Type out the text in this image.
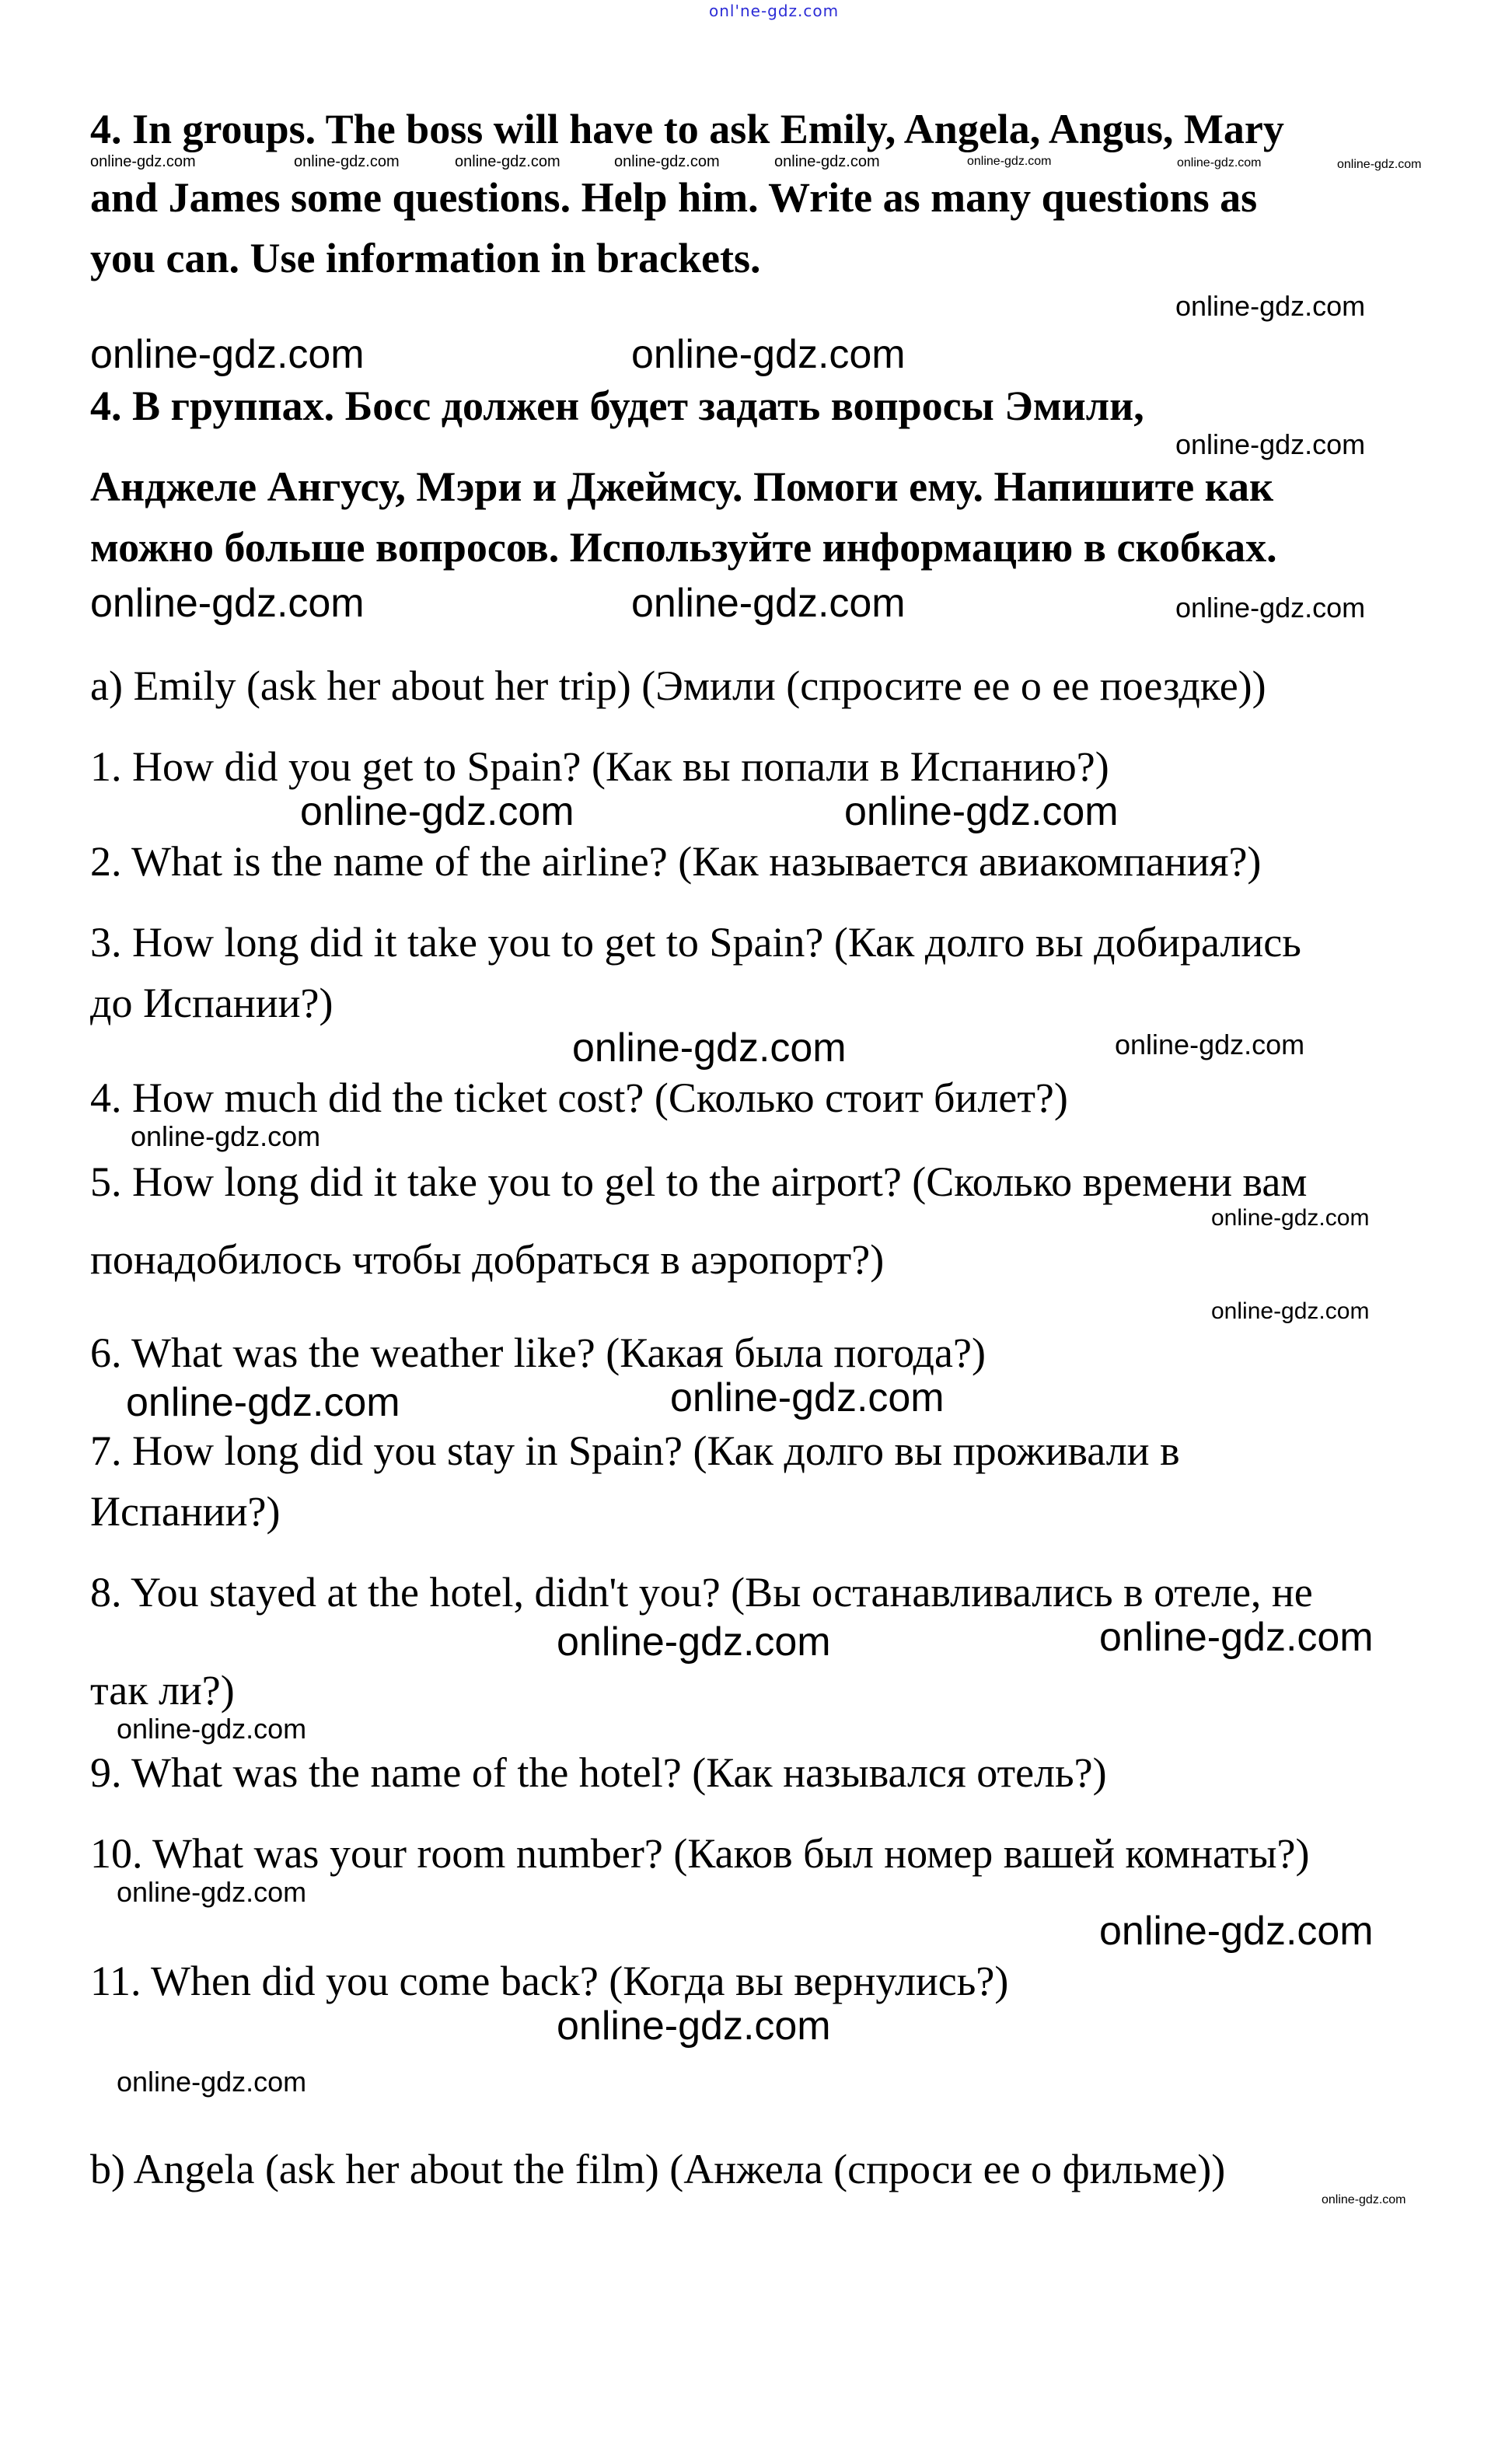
onl'ne-gdz.com
4. In groups. The boss will have to ask Emily, Angela, Angus, Mary
online-gdz.com	online-gdz.com	online-gdz.com	online-gdz.com	online-gdz.com	online-gdz.com	online-gdz.com	online-gdz.com
and James some questions. Help him. Write as many questions as
you can. Use information in brackets.
online-gdz.com
online-gdz.com	online-gdz.com
4. В группах. Босс должен будет задать вопросы Эмили,
online-gdz.com
Анджеле Ангусу, Мэри и Джеймсу. Помоги ему. Напишите как
можно больше вопросов. Используйте информацию в скобках.
online-gdz.com	online-gdz.com	online-gdz.com
a) Emily (ask her about her trip) (Эмили (спросите ее о ее поездке))
1. How did you get to Spain? (Как вы попали в Испанию?)
online-gdz.com	online-gdz.com
2. What is the name of the airline? (Как называется авиакомпания?)
3. How long did it take you to get to Spain? (Как долго вы добирались
до Испании?)
online-gdz.com	online-gdz.com
4. How much did the ticket cost? (Сколько стоит билет?)
online-gdz.com
5. How long did it take you to gel to the airport? (Сколько времени вам
online-gdz.com
понадобилось чтобы добраться в аэропорт?)
online-gdz.com
6. What was the weather like? (Какая была погода?)
online-gdz.com	online-gdz.com
7. How long did you stay in Spain? (Как долго вы проживали в
Испании?)
8. You stayed at the hotel, didn't you? (Вы останавливались в отеле, не
online-gdz.com	online-gdz.com
так ли?)
online-gdz.com
9. What was the name of the hotel? (Как назывался отель?)
10. What was your room number? (Каков был номер вашей комнаты?)
online-gdz.com
online-gdz.com
11. When did you come back? (Когда вы вернулись?)
online-gdz.com
online-gdz.com
b) Angela (ask her about the film) (Анжела (спроси ее о фильме))
online-gdz.com
